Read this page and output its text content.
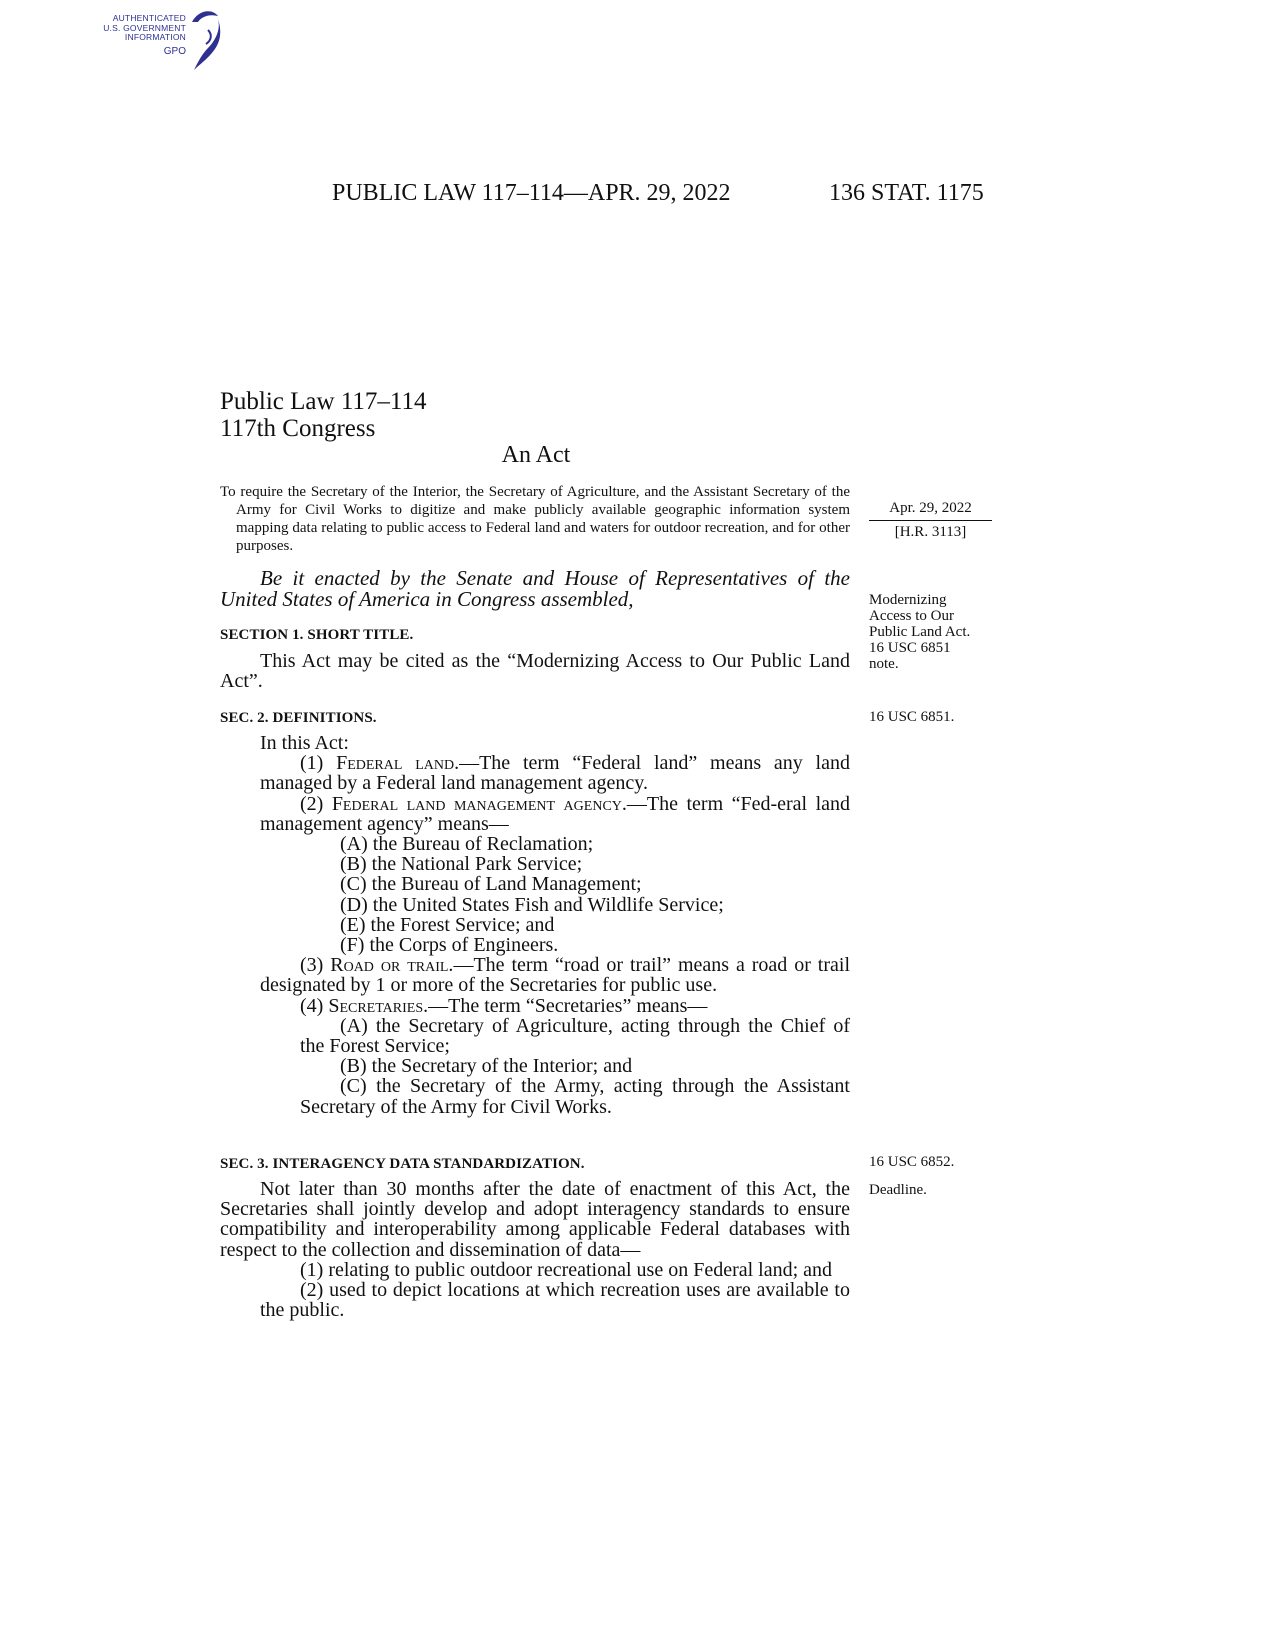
AUTHENTICATED
U.S. GOVERNMENT
INFORMATION
GPO
PUBLIC LAW 117–114—APR. 29, 2022	136 STAT. 1175
Public Law 117–114
117th Congress
An Act
To require the Secretary of the Interior, the Secretary of Agriculture, and the Assistant Secretary of the Army for Civil Works to digitize and make publicly available geographic information system mapping data relating to public access to Federal land and waters for outdoor recreation, and for other purposes.
Apr. 29, 2022
[H.R. 3113]
Be it enacted by the Senate and House of Representatives of the United States of America in Congress assembled,	Modernizing
Access to Our
Public Land Act.
16 USC 6851
note.
SECTION 1. SHORT TITLE.
This Act may be cited as the “Modernizing Access to Our Public Land Act”.
SEC. 2. DEFINITIONS.	16 USC 6851.

In this Act:

(1) Federal land.—The term “Federal land” means any land managed by a Federal land management agency.

(2) Federal land management agency.—The term “Fed-eral land management agency” means—

(A) the Bureau of Reclamation;

(B) the National Park Service;

(C) the Bureau of Land Management;

(D) the United States Fish and Wildlife Service;

(E) the Forest Service; and

(F) the Corps of Engineers.

(3) Road or trail.—The term “road or trail” means a road or trail designated by 1 or more of the Secretaries for public use.

(4) Secretaries.—The term “Secretaries” means—

(A) the Secretary of Agriculture, acting through the Chief of the Forest Service;

(B) the Secretary of the Interior; and

(C) the Secretary of the Army, acting through the Assistant Secretary of the Army for Civil Works.

SEC. 3. INTERAGENCY DATA STANDARDIZATION.	16 USC 6852.
Deadline.

Not later than 30 months after the date of enactment of this Act, the Secretaries shall jointly develop and adopt interagency standards to ensure compatibility and interoperability among applicable Federal databases with respect to the collection and dissemination of data—

(1) relating to public outdoor recreational use on Federal land; and

(2) used to depict locations at which recreation uses are available to the public.
